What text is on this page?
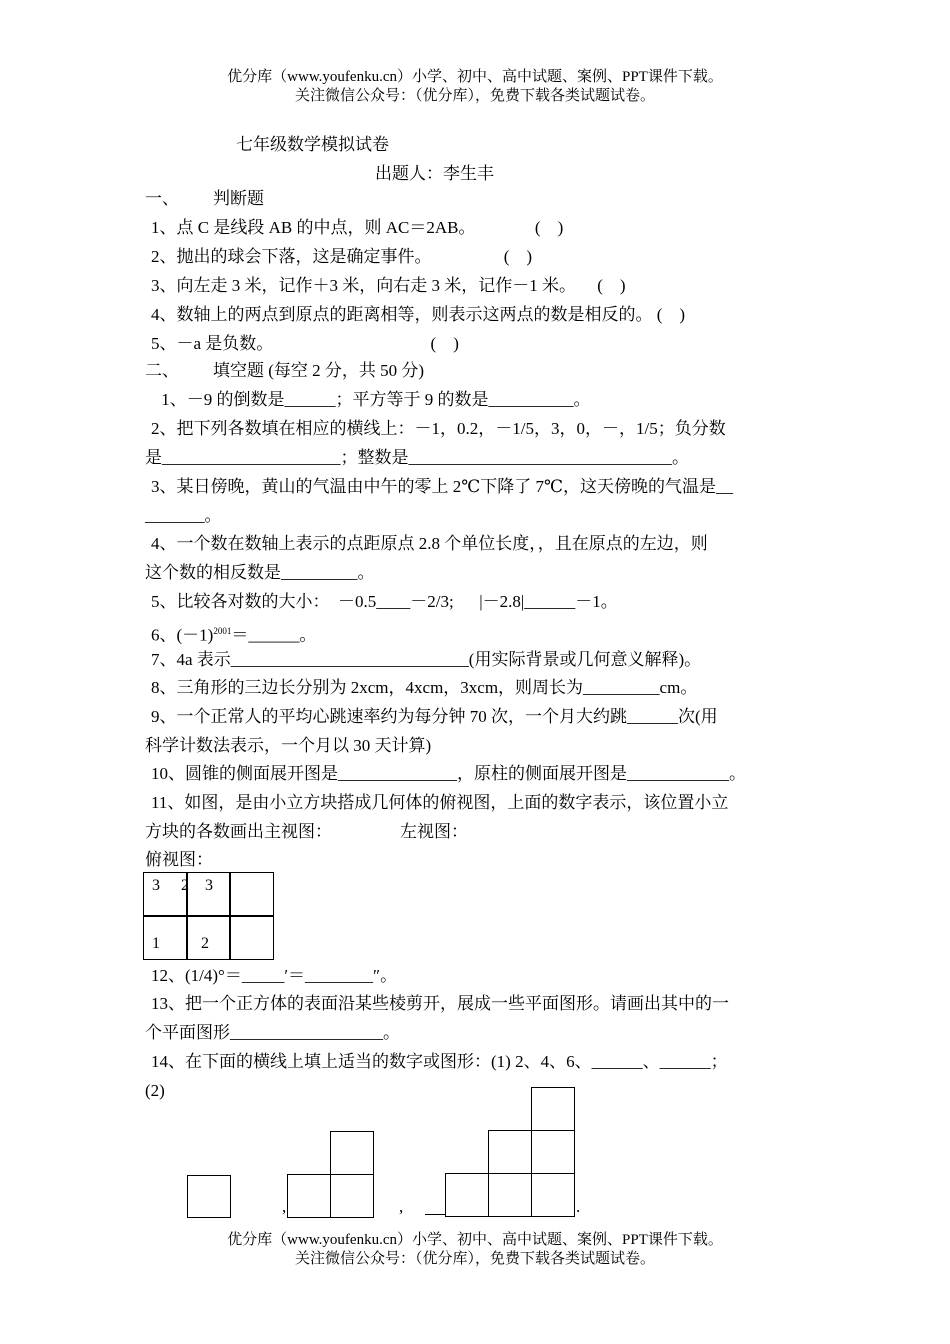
优分库（www.youfenku.cn）小学、初中、高中试题、案例、PPT课件下载。
关注微信公众号：（优分库），免费下载各类试题试卷。
七年级数学模拟试卷
出题人：李生丰
一、        判断题
1、点 C 是线段 AB 的中点，则 AC＝2AB。              (    )
2、抛出的球会下落，这是确定事件。                 (    )
3、向左走 3 米，记作＋3 米，向右走 3 米，记作－1 米。     (    )
4、数轴上的两点到原点的距离相等，则表示这两点的数是相反的。 (    )
5、－a 是负数。                                     (    )
二、        填空题 (每空 2 分，共 50 分)
1、－9 的倒数是______；平方等于 9 的数是__________。
2、把下列各数填在相应的横线上：－1，0.2，－1/5，3，0，－，1/5；负分数
是_____________________；整数是_______________________________。
3、某日傍晚，黄山的气温由中午的零上 2℃下降了 7℃，这天傍晚的气温是__
_______。
4、一个数在数轴上表示的点距原点 2.8 个单位长度，，且在原点的左边，则
这个数的相反数是_________。
5、比较各对数的大小：  －0.5____－2/3;      |－2.8|______－1。
6、$(-1)^{2001}=\_\_\_\_\_\_$。
7、4a 表示____________________________(用实际背景或几何意义解释)。
8、三角形的三边长分别为 2xcm，4xcm，3xcm，则周长为_________cm。
9、一个正常人的平均心跳速率约为每分钟 70 次，一个月大约跳______次(用
科学计数法表示，一个月以 30 天计算)
10、圆锥的侧面展开图是______________，原柱的侧面展开图是____________。
11、如图，是由小立方块搭成几何体的俯视图，上面的数字表示，该位置小立
方块的各数画出主视图：                左视图：
俯视图：
3 2 3
1	2
12、(1/4)°＝_____′＝________″。
13、把一个正方体的表面沿某些棱剪开，展成一些平面图形。请画出其中的一
个平面图形__________________。
14、在下面的横线上填上适当的数字或图形：(1) 2、4、6、______、______；
(2)
,	,	.
优分库（www.youfenku.cn）小学、初中、高中试题、案例、PPT课件下载。
关注微信公众号：（优分库），免费下载各类试题试卷。
